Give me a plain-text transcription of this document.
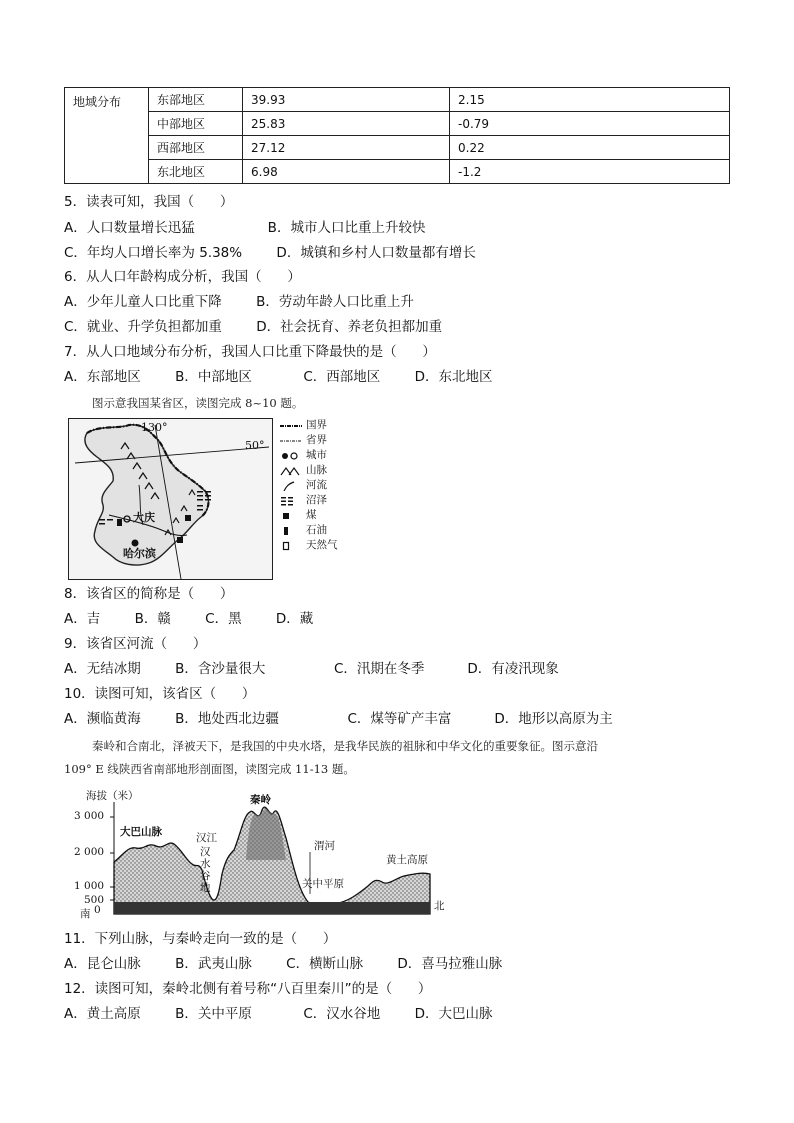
地域分布	东部地区	39.93	2.15
	中部地区	25.83	-0.79
	西部地区	27.12	0.22
	东北地区	6.98	-1.2
5．读表可知，我国（      ）
A．人口数量增长迅猛                 B．城市人口比重上升较快
C．年均人口增长率为 5.38%        D．城镇和乡村人口数量都有增长
6．从人口年龄构成分析，我国（      ）
A．少年儿童人口比重下降        B．劳动年龄人口比重上升
C．就业、升学负担都加重        D．社会抚育、养老负担都加重
7．从人口地域分布分析，我国人口比重下降最快的是（      ）
A．东部地区        B．中部地区            C．西部地区        D．东北地区
图示意我国某省区，读图完成 8~10 题。
130°
50°
大庆
哈尔滨
国界
省界
城市
山脉
河流
沼泽
煤
石油
天然气
8．该省区的简称是（      ）
A．吉        B．赣        C．黑        D．藏
9．该省区河流（      ）
A．无结冰期        B．含沙量很大                C．汛期在冬季          D．有凌汛现象
10．读图可知，该省区（      ）
A．濒临黄海        B．地处西北边疆                C．煤等矿产丰富          D．地形以高原为主
秦岭和合南北，泽被天下，是我国的中央水塔，是我华民族的祖脉和中华文化的重要象征。图示意沿
109° E 线陕西省南部地形剖面图，读图完成 11-13 题。
海拔（米）
3 000
2 000
1 000
500
0
南
北
大巴山脉	汉江
汉
水
谷
地
秦岭
渭河
关中平原
黄土高原
11．下列山脉，与秦岭走向一致的是（      ）
A．昆仑山脉        B．武夷山脉        C．横断山脉        D．喜马拉雅山脉
12．读图可知，秦岭北侧有着号称“八百里秦川”的是（      ）
A．黄土高原        B．关中平原            C．汉水谷地        D．大巴山脉
